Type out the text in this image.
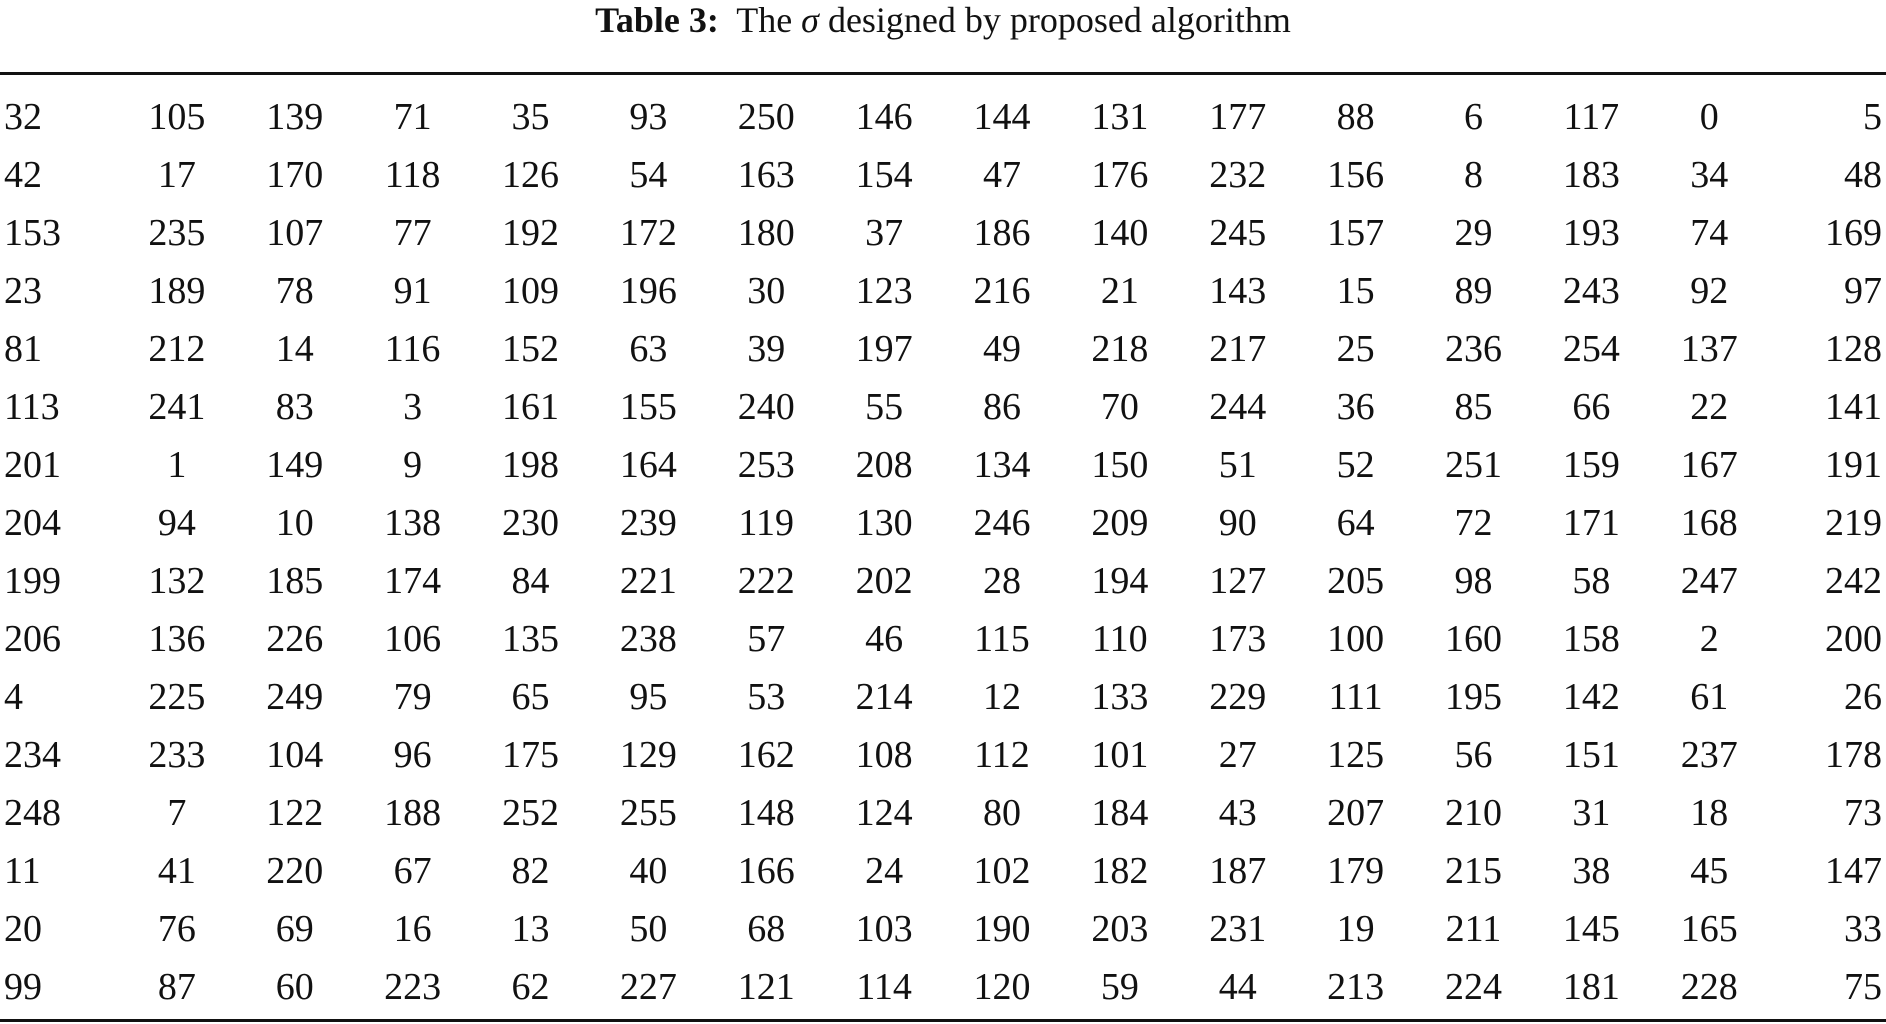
Table 3: The σ designed by proposed algorithm
32	105	139	71	35	93	250	146	144	131	177	88	6	117	0	5
42	17	170	118	126	54	163	154	47	176	232	156	8	183	34	48
153	235	107	77	192	172	180	37	186	140	245	157	29	193	74	169
23	189	78	91	109	196	30	123	216	21	143	15	89	243	92	97
81	212	14	116	152	63	39	197	49	218	217	25	236	254	137	128
113	241	83	3	161	155	240	55	86	70	244	36	85	66	22	141
201	1	149	9	198	164	253	208	134	150	51	52	251	159	167	191
204	94	10	138	230	239	119	130	246	209	90	64	72	171	168	219
199	132	185	174	84	221	222	202	28	194	127	205	98	58	247	242
206	136	226	106	135	238	57	46	115	110	173	100	160	158	2	200
4	225	249	79	65	95	53	214	12	133	229	111	195	142	61	26
234	233	104	96	175	129	162	108	112	101	27	125	56	151	237	178
248	7	122	188	252	255	148	124	80	184	43	207	210	31	18	73
11	41	220	67	82	40	166	24	102	182	187	179	215	38	45	147
20	76	69	16	13	50	68	103	190	203	231	19	211	145	165	33
99	87	60	223	62	227	121	114	120	59	44	213	224	181	228	75
